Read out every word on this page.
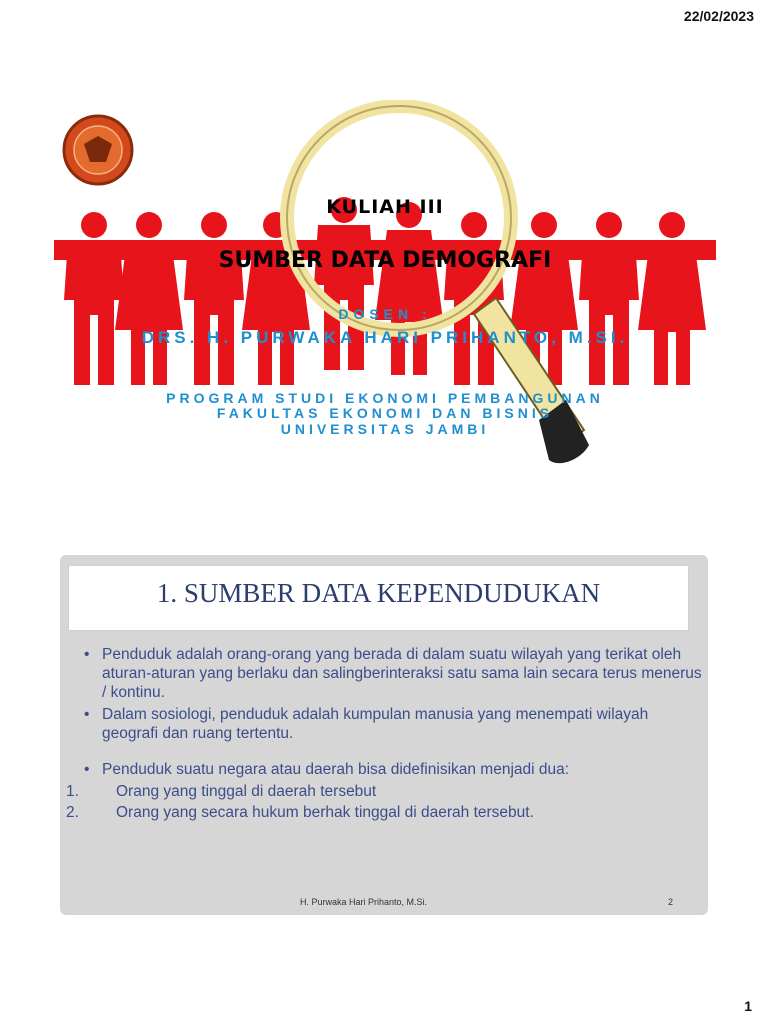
22/02/2023
KULIAH III
SUMBER DATA DEMOGRAFI
DOSEN :
DRS. H. PURWAKA HARI PRIHANTO, M.SI.
PROGRAM STUDI EKONOMI PEMBANGUNAN
FAKULTAS EKONOMI DAN BISNIS
UNIVERSITAS JAMBI
1. SUMBER DATA KEPENDUDUKAN
• Penduduk adalah orang-orang yang berada di dalam suatu wilayah yang terikat oleh aturan-aturan yang berlaku dan salingberinteraksi satu sama lain secara terus menerus / kontinu.
• Dalam sosiologi, penduduk adalah kumpulan manusia yang menempati wilayah geografi dan ruang tertentu.
• Penduduk suatu negara atau daerah bisa didefinisikan menjadi dua:
1. Orang yang tinggal di daerah tersebut
2. Orang yang secara hukum berhak tinggal di daerah tersebut.
H. Purwaka Hari Prihanto, M.Si.	2
1
